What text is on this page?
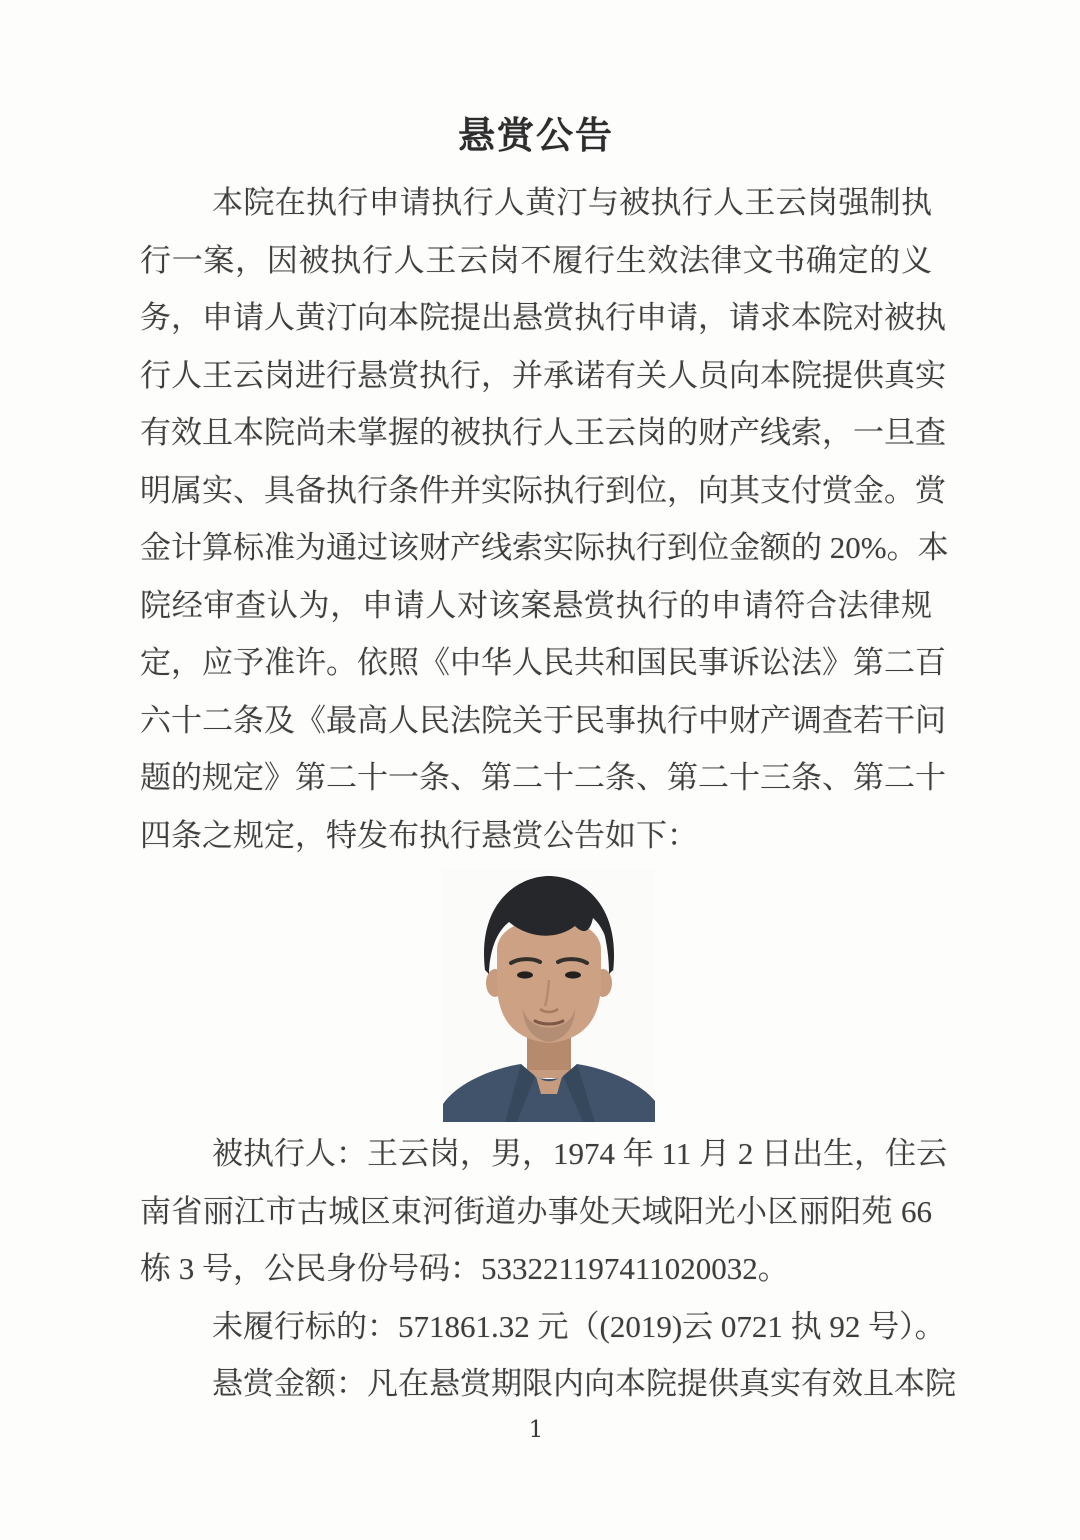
悬赏公告

本院在执行申请执行人黄汀与被执行人王云岗强制执

行一案，因被执行人王云岗不履行生效法律文书确定的义

务，申请人黄汀向本院提出悬赏执行申请，请求本院对被执

行人王云岗进行悬赏执行，并承诺有关人员向本院提供真实

有效且本院尚未掌握的被执行人王云岗的财产线索，一旦查

明属实、具备执行条件并实际执行到位，向其支付赏金。赏

金计算标准为通过该财产线索实际执行到位金额的 20%。本

院经审查认为，申请人对该案悬赏执行的申请符合法律规

定，应予准许。依照《中华人民共和国民事诉讼法》第二百

六十二条及《最高人民法院关于民事执行中财产调查若干问

题的规定》第二十一条、第二十二条、第二十三条、第二十

四条之规定，特发布执行悬赏公告如下：

被执行人：王云岗，男，1974 年 11 月 2 日出生，住云

南省丽江市古城区束河街道办事处天域阳光小区丽阳苑 66

栋 3 号，公民身份号码：533221197411020032。

未履行标的：571861.32 元（(2019)云 0721 执 92 号）。

悬赏金额：凡在悬赏期限内向本院提供真实有效且本院

1
